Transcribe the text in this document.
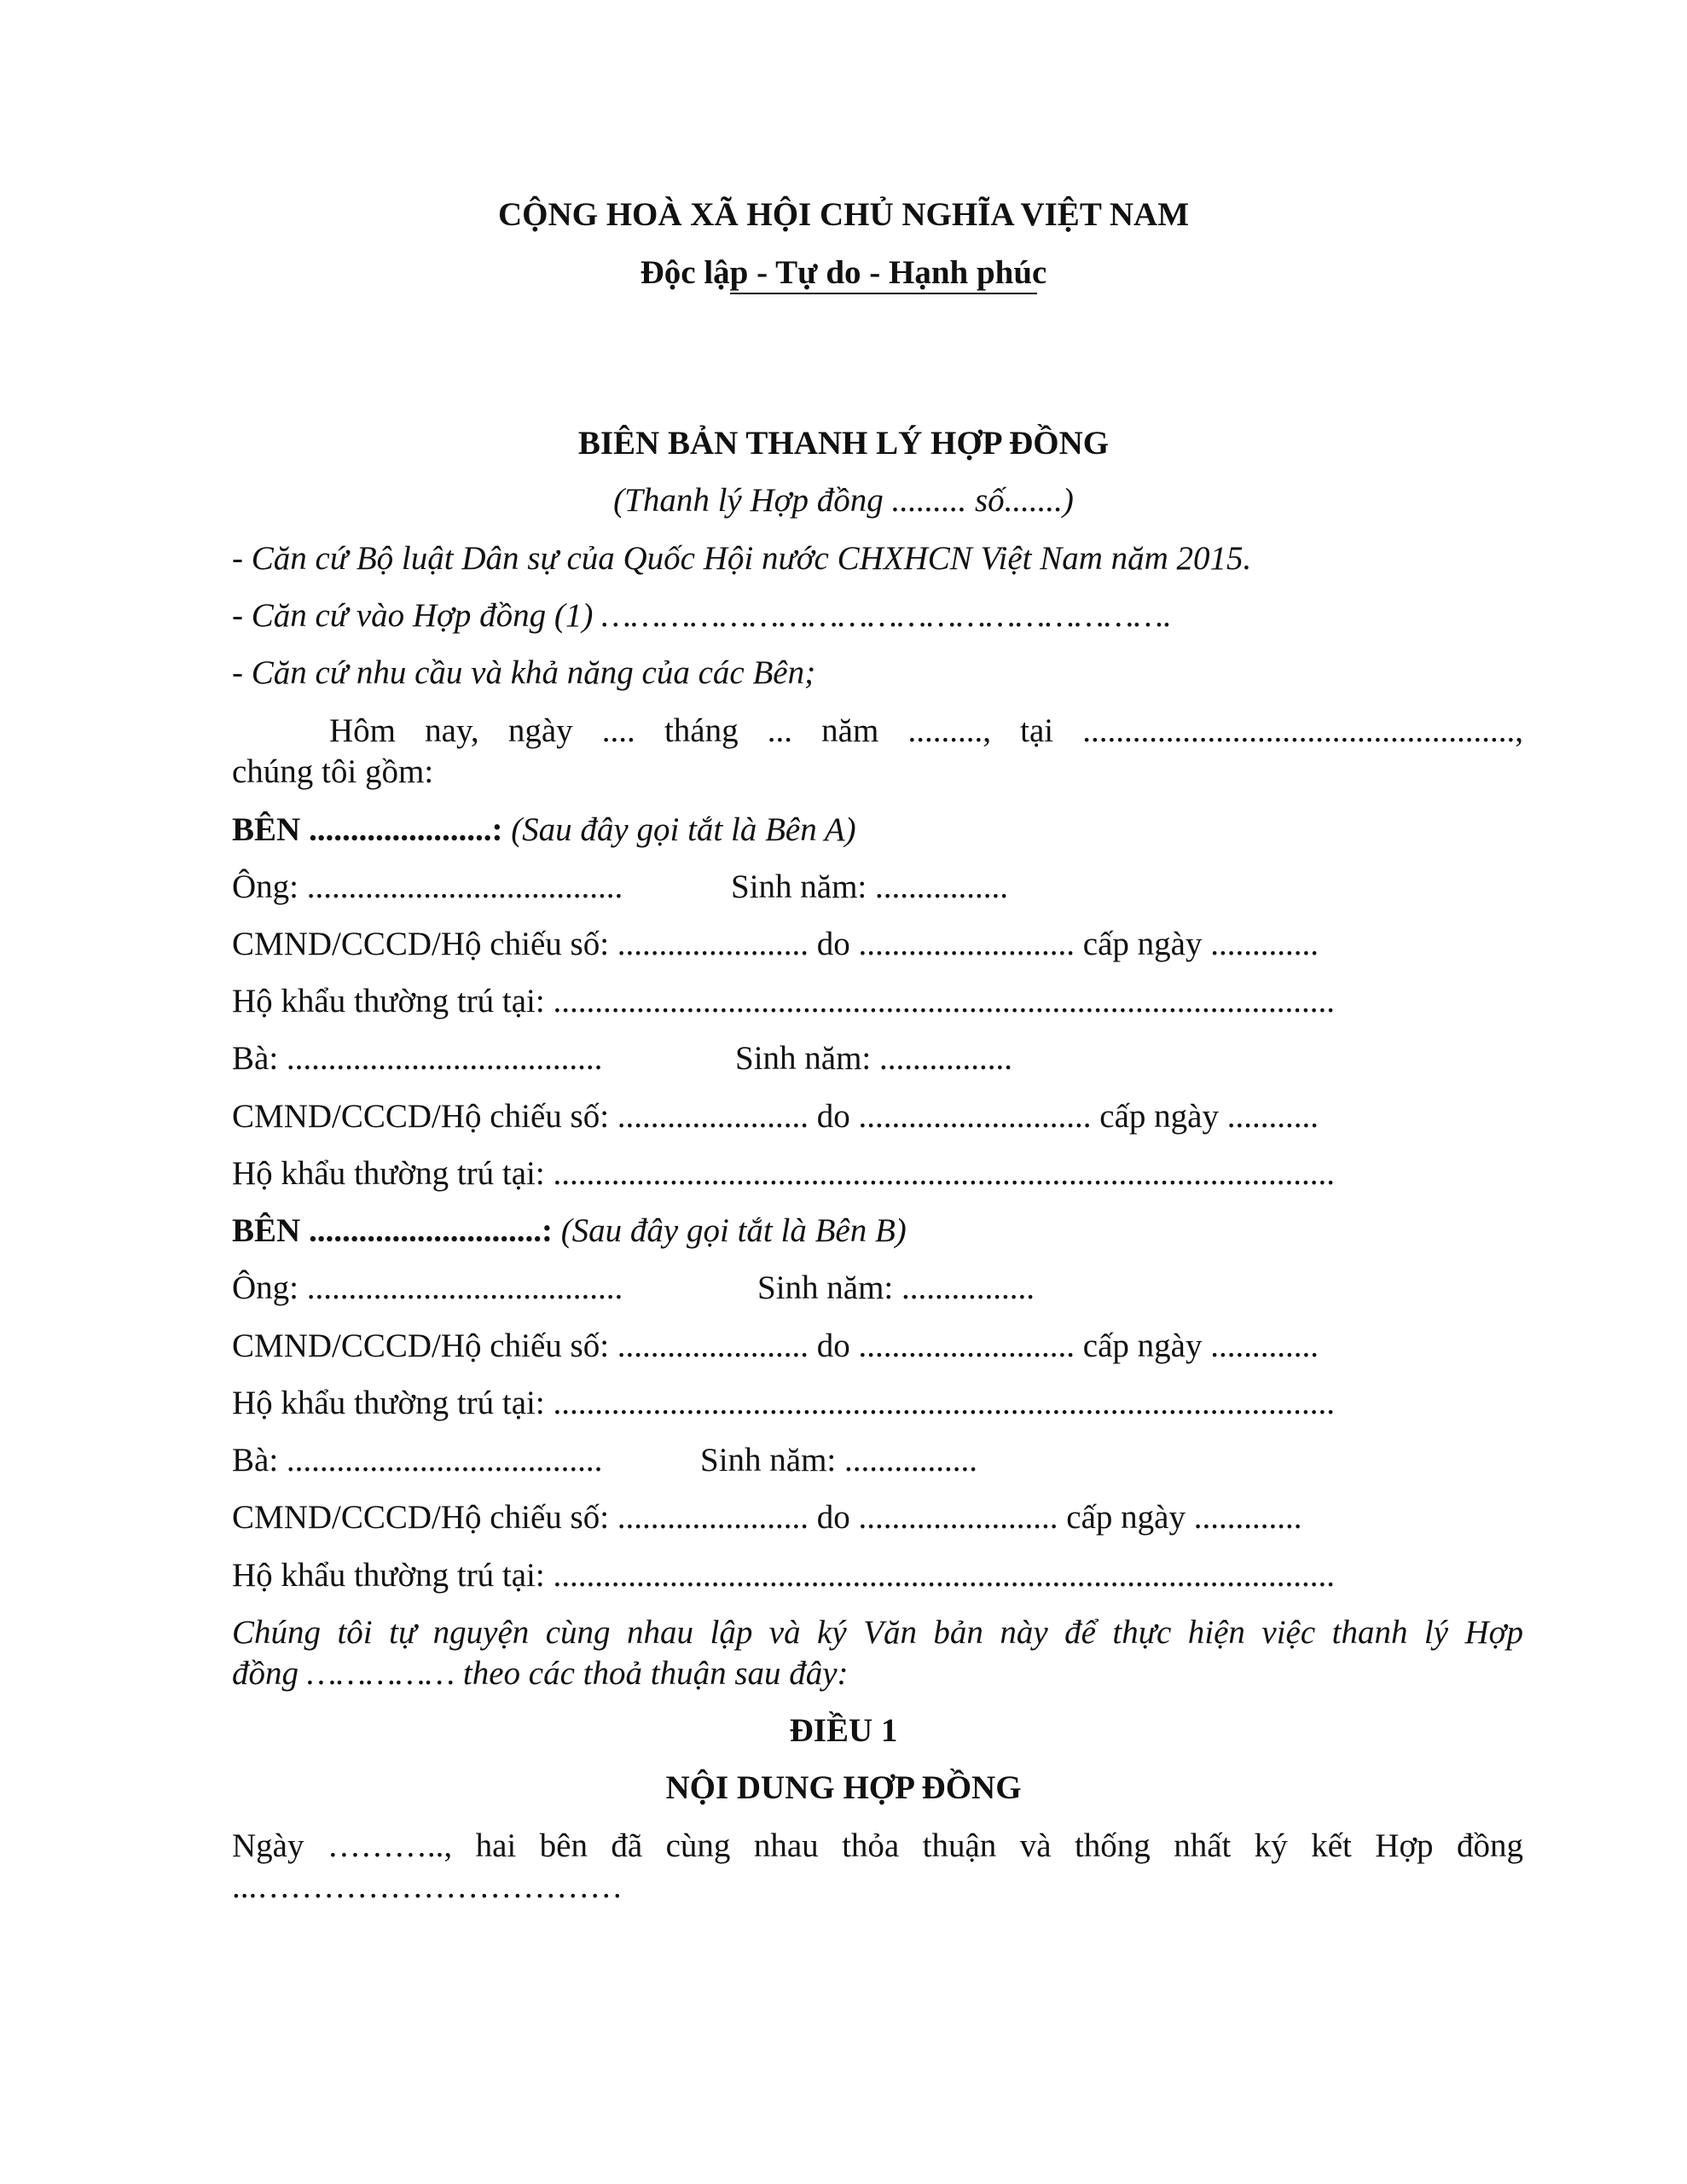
CỘNG HOÀ XÃ HỘI CHỦ NGHĨA VIỆT NAM
Độc lập - Tự do - Hạnh phúc
BIÊN BẢN THANH LÝ HỢP ĐỒNG
(Thanh lý Hợp đồng ......... số.......)
- Căn cứ Bộ luật Dân sự của Quốc Hội nước CHXHCN Việt Nam năm 2015.
- Căn cứ vào Hợp đồng (1) ………………………………………………….
- Căn cứ nhu cầu và khả năng của các Bên;
Hôm nay, ngày .... tháng ... năm ........., tại ....................................................,
chúng tôi gồm:
BÊN ......................: (Sau đây gọi tắt là Bên A)
Ông: ......................................	Sinh năm: ................
CMND/CCCD/Hộ chiếu số: ....................... do .......................... cấp ngày .............
Hộ khẩu thường trú tại: ..............................................................................................
Bà: ......................................	Sinh năm: ................
CMND/CCCD/Hộ chiếu số: ....................... do ............................ cấp ngày ...........
Hộ khẩu thường trú tại: ..............................................................................................
BÊN ............................: (Sau đây gọi tắt là Bên B)
Ông: ......................................	Sinh năm: ................
CMND/CCCD/Hộ chiếu số: ....................... do .......................... cấp ngày .............
Hộ khẩu thường trú tại: ..............................................................................................
Bà: ......................................	Sinh năm: ................
CMND/CCCD/Hộ chiếu số: ....................... do ........................ cấp ngày .............
Hộ khẩu thường trú tại: ..............................................................................................
Chúng tôi tự nguyện cùng nhau lập và ký Văn bản này để thực hiện việc thanh lý Hợp
đồng …………… theo các thoả thuận sau đây:
ĐIỀU 1
NỘI DUNG HỢP ĐỒNG
Ngày ……….., hai bên đã cùng nhau thỏa thuận và thống nhất ký kết Hợp đồng
...……………………………
